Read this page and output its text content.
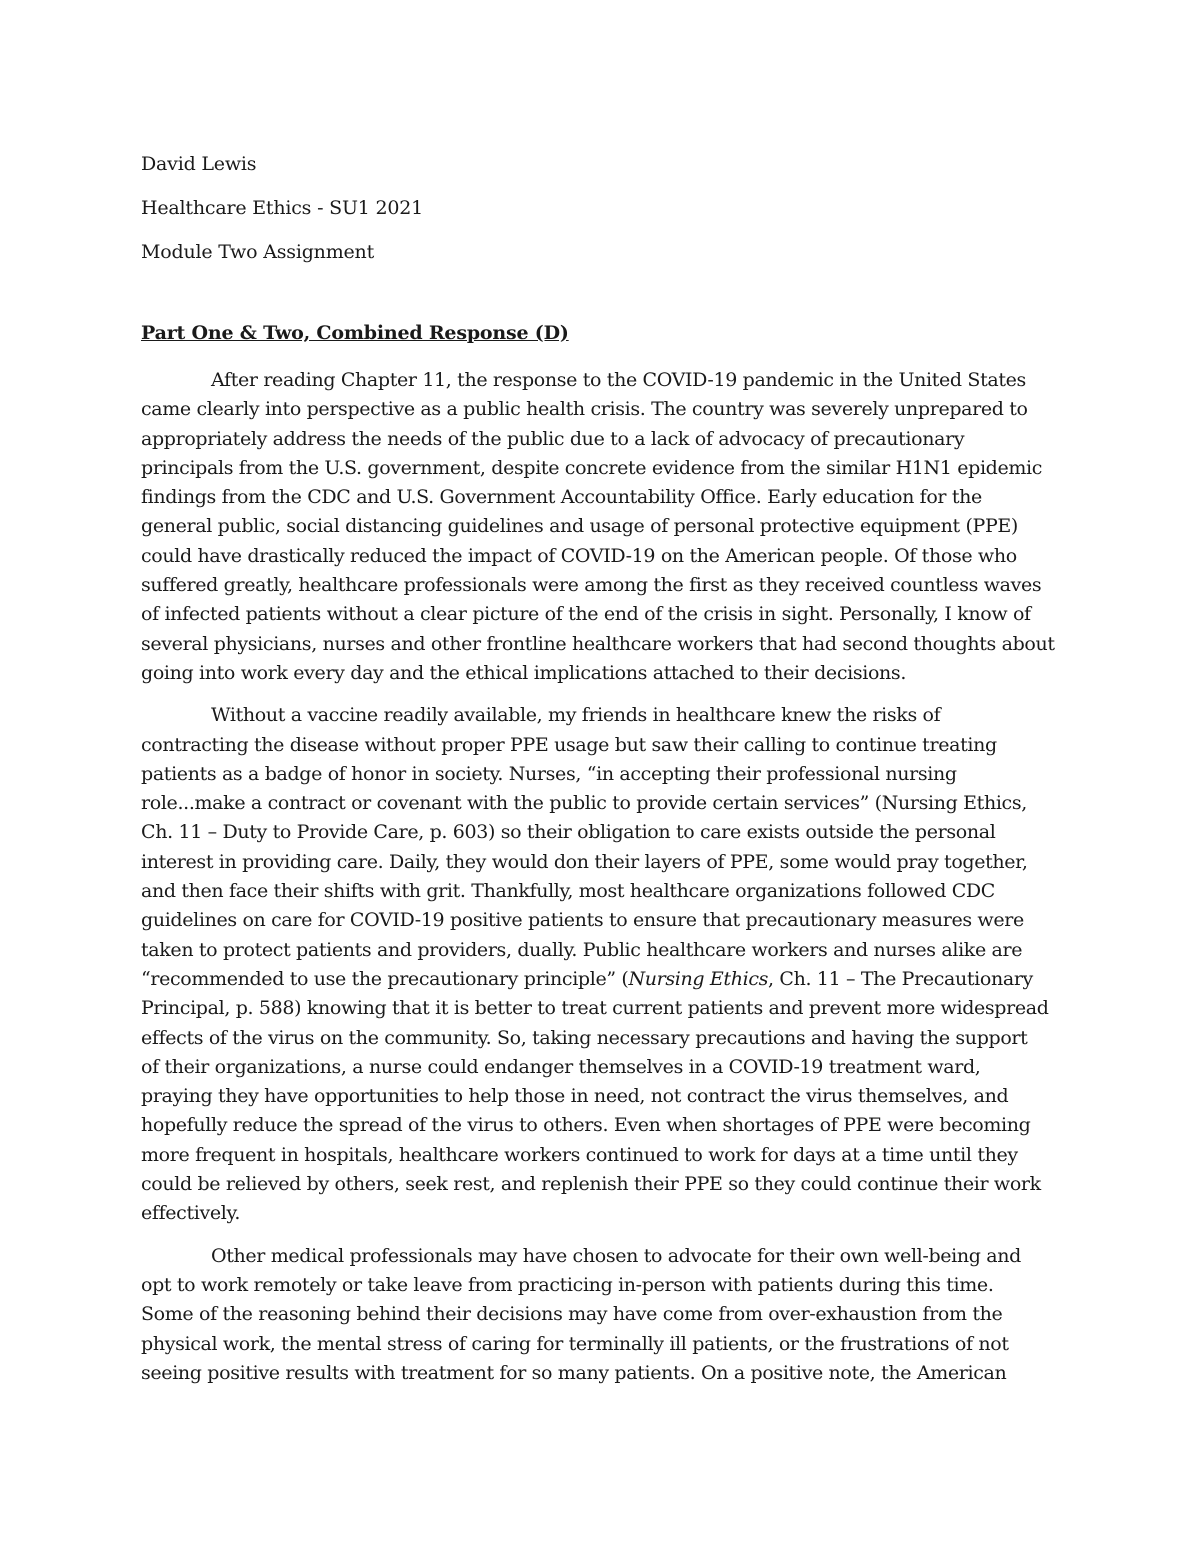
David Lewis
Healthcare Ethics - SU1 2021
Module Two Assignment
Part One & Two, Combined Response (D)
After reading Chapter 11, the response to the COVID-19 pandemic in the United States
came clearly into perspective as a public health crisis. The country was severely unprepared to
appropriately address the needs of the public due to a lack of advocacy of precautionary
principals from the U.S. government, despite concrete evidence from the similar H1N1 epidemic
findings from the CDC and U.S. Government Accountability Office. Early education for the
general public, social distancing guidelines and usage of personal protective equipment (PPE)
could have drastically reduced the impact of COVID-19 on the American people. Of those who
suffered greatly, healthcare professionals were among the first as they received countless waves
of infected patients without a clear picture of the end of the crisis in sight. Personally, I know of
several physicians, nurses and other frontline healthcare workers that had second thoughts about
going into work every day and the ethical implications attached to their decisions.
Without a vaccine readily available, my friends in healthcare knew the risks of
contracting the disease without proper PPE usage but saw their calling to continue treating
patients as a badge of honor in society. Nurses, “in accepting their professional nursing
role...make a contract or covenant with the public to provide certain services” (Nursing Ethics,
Ch. 11 – Duty to Provide Care, p. 603) so their obligation to care exists outside the personal
interest in providing care. Daily, they would don their layers of PPE, some would pray together,
and then face their shifts with grit. Thankfully, most healthcare organizations followed CDC
guidelines on care for COVID-19 positive patients to ensure that precautionary measures were
taken to protect patients and providers, dually. Public healthcare workers and nurses alike are
“recommended to use the precautionary principle” (Nursing Ethics, Ch. 11 – The Precautionary
Principal, p. 588) knowing that it is better to treat current patients and prevent more widespread
effects of the virus on the community. So, taking necessary precautions and having the support
of their organizations, a nurse could endanger themselves in a COVID-19 treatment ward,
praying they have opportunities to help those in need, not contract the virus themselves, and
hopefully reduce the spread of the virus to others. Even when shortages of PPE were becoming
more frequent in hospitals, healthcare workers continued to work for days at a time until they
could be relieved by others, seek rest, and replenish their PPE so they could continue their work
effectively.
Other medical professionals may have chosen to advocate for their own well-being and
opt to work remotely or take leave from practicing in-person with patients during this time.
Some of the reasoning behind their decisions may have come from over-exhaustion from the
physical work, the mental stress of caring for terminally ill patients, or the frustrations of not
seeing positive results with treatment for so many patients. On a positive note, the American
